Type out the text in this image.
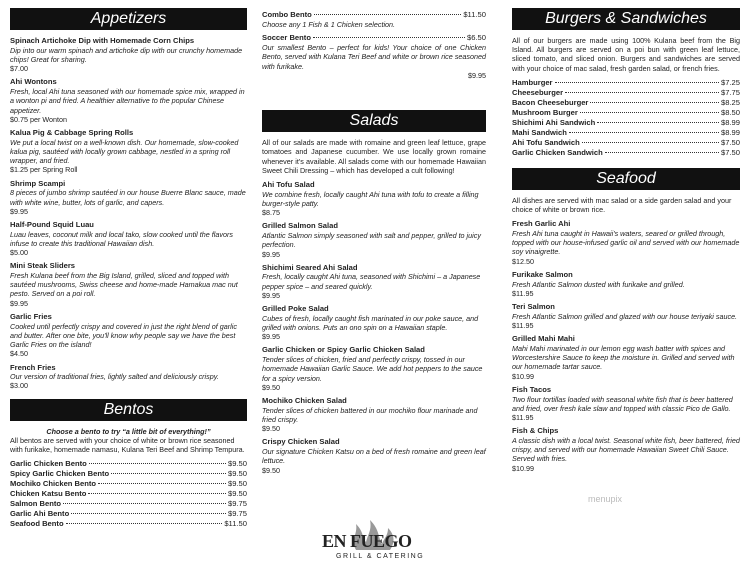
Appetizers
Spinach Artichoke Dip with Homemade Corn Chips
Dip into our warm spinach and artichoke dip with our crunchy homemade chips! Great for sharing.
$7.00
Ahi Wontons
Fresh, local Ahi tuna seasoned with our homemade spice mix, wrapped in a wonton pi and fried. A healthier alternative to the popular Chinese appetizer.
$0.75 per Wonton
Kalua Pig & Cabbage Spring Rolls
We put a local twist on a well-known dish. Our homemade, slow-cooked kalua pig, sautéed with locally grown cabbage, nestled in a spring roll wrapper, and fried.
$1.25 per Spring Roll
Shrimp Scampi
8 pieces of jumbo shrimp sautéed in our house Buerre Blanc sauce, made with white wine, butter, lots of garlic, and capers.
$9.95
Half-Pound Squid Luau
Luau leaves, coconut milk and local tako, slow cooked until the flavors infuse to create this traditional Hawaiian dish.
$5.00
Mini Steak Sliders
Fresh Kulana beef from the Big Island, grilled, sliced and topped with sautéed mushrooms, Swiss cheese and home-made Hamakua mac nut pesto. Served on a poi roll.
$9.95
Garlic Fries
Cooked until perfectly crispy and covered in just the right blend of garlic and butter. After one bite, you'll know why people say we have the best Garlic Fries on the island!
$4.50
French Fries
Our version of traditional fries, lightly salted and deliciously crispy.
$3.00
Bentos
Choose a bento to try “a little bit of everything!”
All bentos are served with your choice of white or brown rice seasoned with furikake, homemade namasu, Kulana Teri Beef and Shrimp Tempura.
Garlic Chicken Bento	$9.50
Spicy Garlic Chicken Bento	$9.50
Mochiko Chicken Bento	$9.50
Chicken Katsu Bento	$9.50
Salmon Bento	$9.75
Garlic Ahi Bento	$9.75
Seafood Bento	$11.50
Combo Bento	$11.50
Choose any 1 Fish & 1 Chicken selection.
Soccer Bento	$6.50
Our smallest Bento – perfect for kids! Your choice of one Chicken Bento, served with Kulana Teri Beef and white or brown rice seasoned with furikake.
$9.95
Salads
All of our salads are made with romaine and green leaf lettuce, grape tomatoes and Japanese cucumber. We use locally grown romaine whenever it's available. All salads come with our homemade Hawaiian Sweet Chili Dressing – which has developed a cult following!
Ahi Tofu Salad
We combine fresh, locally caught Ahi tuna with tofu to create a filling burger-style patty.
$8.75
Grilled Salmon Salad
Atlantic Salmon simply seasoned with salt and pepper, grilled to juicy perfection.
$9.95
Shichimi Seared Ahi Salad
Fresh, locally caught Ahi tuna, seasoned with Shichimi – a Japanese pepper spice – and seared quickly.
$9.95
Grilled Poke Salad
Cubes of fresh, locally caught fish marinated in our poke sauce, and grilled with onions. Puts an ono spin on a Hawaiian staple.
$9.95
Garlic Chicken or Spicy Garlic Chicken Salad
Tender slices of chicken, fried and perfectly crispy, tossed in our homemade Hawaiian Garlic Sauce. We add hot peppers to the sauce for a spicy version.
$9.50
Mochiko Chicken Salad
Tender slices of chicken battered in our mochiko flour marinade and fried crispy.
$9.50
Crispy Chicken Salad
Our signature Chicken Katsu on a bed of fresh romaine and green leaf lettuce.
$9.50
EN FUEGO
GRILL & CATERING
Burgers & Sandwiches
All of our burgers are made using 100% Kulana beef from the Big Island. All burgers are served on a poi bun with green leaf lettuce, sliced tomato, and sliced onion. Burgers and sandwiches are served with your choice of mac salad, fresh garden salad, or french fries.
Hamburger	$7.25
Cheeseburger	$7.75
Bacon Cheeseburger	$8.25
Mushroom Burger	$8.50
Shichimi Ahi Sandwich	$8.99
Mahi Sandwich	$8.99
Ahi Tofu Sandwich	$7.50
Garlic Chicken Sandwich	$7.50
Seafood
All dishes are served with mac salad or a side garden salad and your choice of white or brown rice.
Fresh Garlic Ahi
Fresh Ahi tuna caught in Hawaii's waters, seared or grilled through, topped with our house-infused garlic oil and served with our homemade soy vinaigrette.
$12.50
Furikake Salmon
Fresh Atlantic Salmon dusted with furikake and grilled.
$11.95
Teri Salmon
Fresh Atlantic Salmon grilled and glazed with our house teriyaki sauce.
$11.95
Grilled Mahi Mahi
Mahi Mahi marinated in our lemon egg wash batter with spices and Worcestershire Sauce to keep the moisture in. Grilled and served with our homemade tartar sauce.
$10.99
Fish Tacos
Two flour tortillas loaded with seasonal white fish that is beer battered and fried, over fresh kale slaw and topped with classic Pico de Gallo.
$11.95
Fish & Chips
A classic dish with a local twist. Seasonal white fish, beer battered, fried crispy, and served with our homemade Hawaiian Sweet Chili Sauce. Served with fries.
$10.99
menupix
